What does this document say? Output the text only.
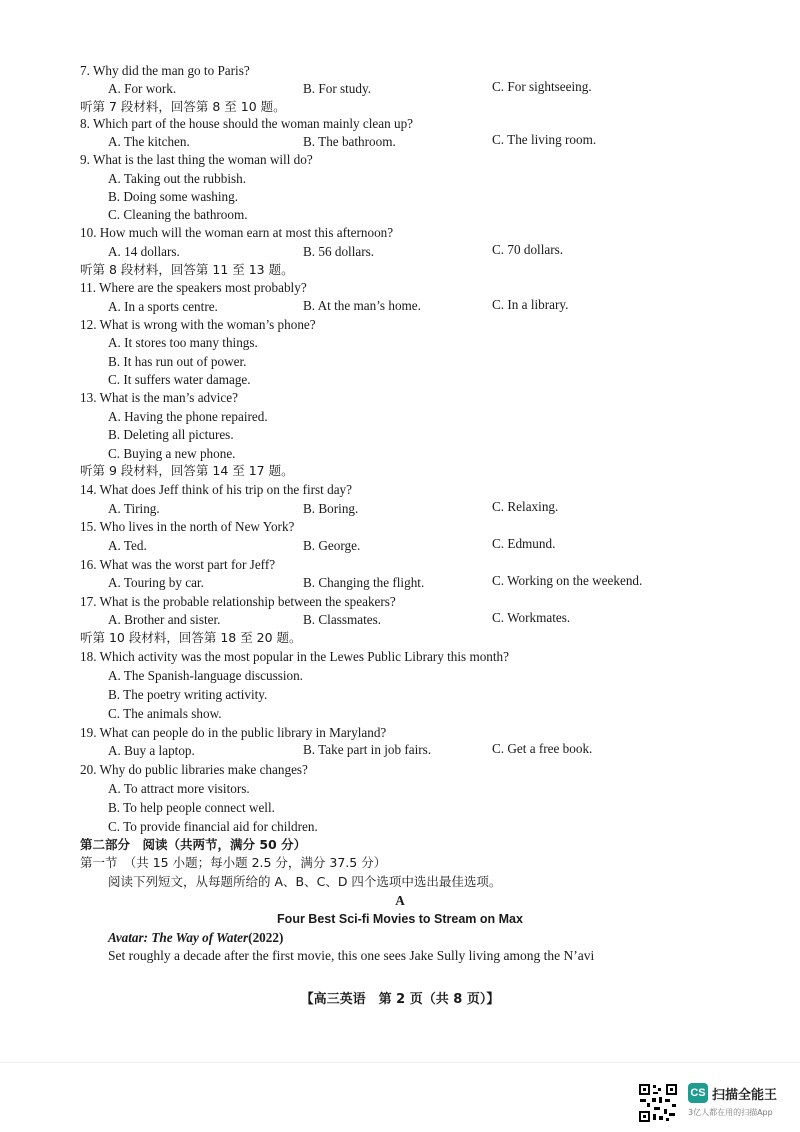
7. Why did the man go to Paris?
A. For work.	B. For study.	C. For sightseeing.
听第 7 段材料，回答第 8 至 10 题。
8. Which part of the house should the woman mainly clean up?
A. The kitchen.	B. The bathroom.	C. The living room.
9. What is the last thing the woman will do?
A. Taking out the rubbish.
B. Doing some washing.
C. Cleaning the bathroom.
10. How much will the woman earn at most this afternoon?
A. 14 dollars.	B. 56 dollars.	C. 70 dollars.
听第 8 段材料，回答第 11 至 13 题。
11. Where are the speakers most probably?
A. In a sports centre.	B. At the man’s home.	C. In a library.
12. What is wrong with the woman’s phone?
A. It stores too many things.
B. It has run out of power.
C. It suffers water damage.
13. What is the man’s advice?
A. Having the phone repaired.
B. Deleting all pictures.
C. Buying a new phone.
听第 9 段材料，回答第 14 至 17 题。
14. What does Jeff think of his trip on the first day?
A. Tiring.	B. Boring.	C. Relaxing.
15. Who lives in the north of New York?
A. Ted.	B. George.	C. Edmund.
16. What was the worst part for Jeff?
A. Touring by car.	B. Changing the flight.	C. Working on the weekend.
17. What is the probable relationship between the speakers?
A. Brother and sister.	B. Classmates.	C. Workmates.
听第 10 段材料，回答第 18 至 20 题。
18. Which activity was the most popular in the Lewes Public Library this month?
A. The Spanish-language discussion.
B. The poetry writing activity.
C. The animals show.
19. What can people do in the public library in Maryland?
A. Buy a laptop.	B. Take part in job fairs.	C. Get a free book.
20. Why do public libraries make changes?
A. To attract more visitors.
B. To help people connect well.
C. To provide financial aid for children.
第二部分　阅读（共两节，满分 50 分）
第一节　（共 15 小题；每小题 2.5 分，满分 37.5 分）
阅读下列短文，从每题所给的 A、B、C、D 四个选项中选出最佳选项。
A
Four Best Sci-fi Movies to Stream on Max
Avatar: The Way of Water(2022)
Set roughly a decade after the first movie, this one sees Jake Sully living among the N’avi
【高三英语　第 2 页（共 8 页）】
CS 扫描全能王
3亿人都在用的扫描App
